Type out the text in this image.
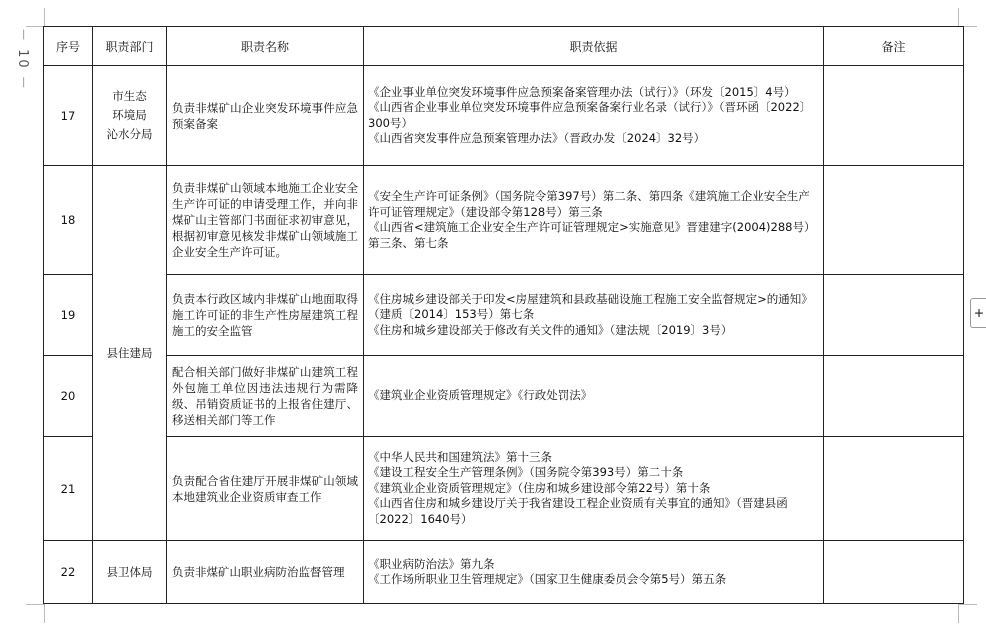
－ 10 －
+
序号	职责部门	职责名称	职责依据	备注
17	市生态
环境局
沁水分局	负责非煤矿山企业突发环境事件应急预案备案	《企业事业单位突发环境事件应急预案备案管理办法（试行）》（环发〔2015〕4号）
《山西省企业事业单位突发环境事件应急预案备案行业名录（试行）》（晋环函〔2022〕300号）
《山西省突发事件应急预案管理办法》（晋政办发〔2024〕32号）	

18	县住建局	负责非煤矿山领域本地施工企业安全生产许可证的申请受理工作，并向非煤矿山主管部门书面征求初审意见，根据初审意见核发非煤矿山领域施工企业安全生产许可证。	《安全生产许可证条例》（国务院令第397号）第二条、第四条《建筑施工企业安全生产许可证管理规定》（建设部令第128号）第三条
《山西省<建筑施工企业安全生产许可证管理规定>实施意见》晋建建字(2004)288号）第三条、第七条	

19		负责本行政区域内非煤矿山地面取得施工许可证的非生产性房屋建筑工程施工的安全监管	《住房城乡建设部关于印发<房屋建筑和县政基础设施工程施工安全监督规定>的通知》（建质〔2014〕153号）第七条
《住房和城乡建设部关于修改有关文件的通知》（建法规〔2019〕3号）	

20		配合相关部门做好非煤矿山建筑工程外包施工单位因违法违规行为需降级、吊销资质证书的上报省住建厅、移送相关部门等工作	《建筑业企业资质管理规定》《行政处罚法》	

21		负责配合省住建厅开展非煤矿山领域本地建筑业企业资质审查工作	《中华人民共和国建筑法》第十三条
《建设工程安全生产管理条例》（国务院令第393号）第二十条
《建筑业企业资质管理规定》（住房和城乡建设部令第22号）第十条
《山西省住房和城乡建设厅关于我省建设工程企业资质有关事宜的通知》（晋建县函〔2022〕1640号）	

22	县卫体局	负责非煤矿山职业病防治监督管理	《职业病防治法》第九条
《工作场所职业卫生管理规定》（国家卫生健康委员会令第5号）第五条	
